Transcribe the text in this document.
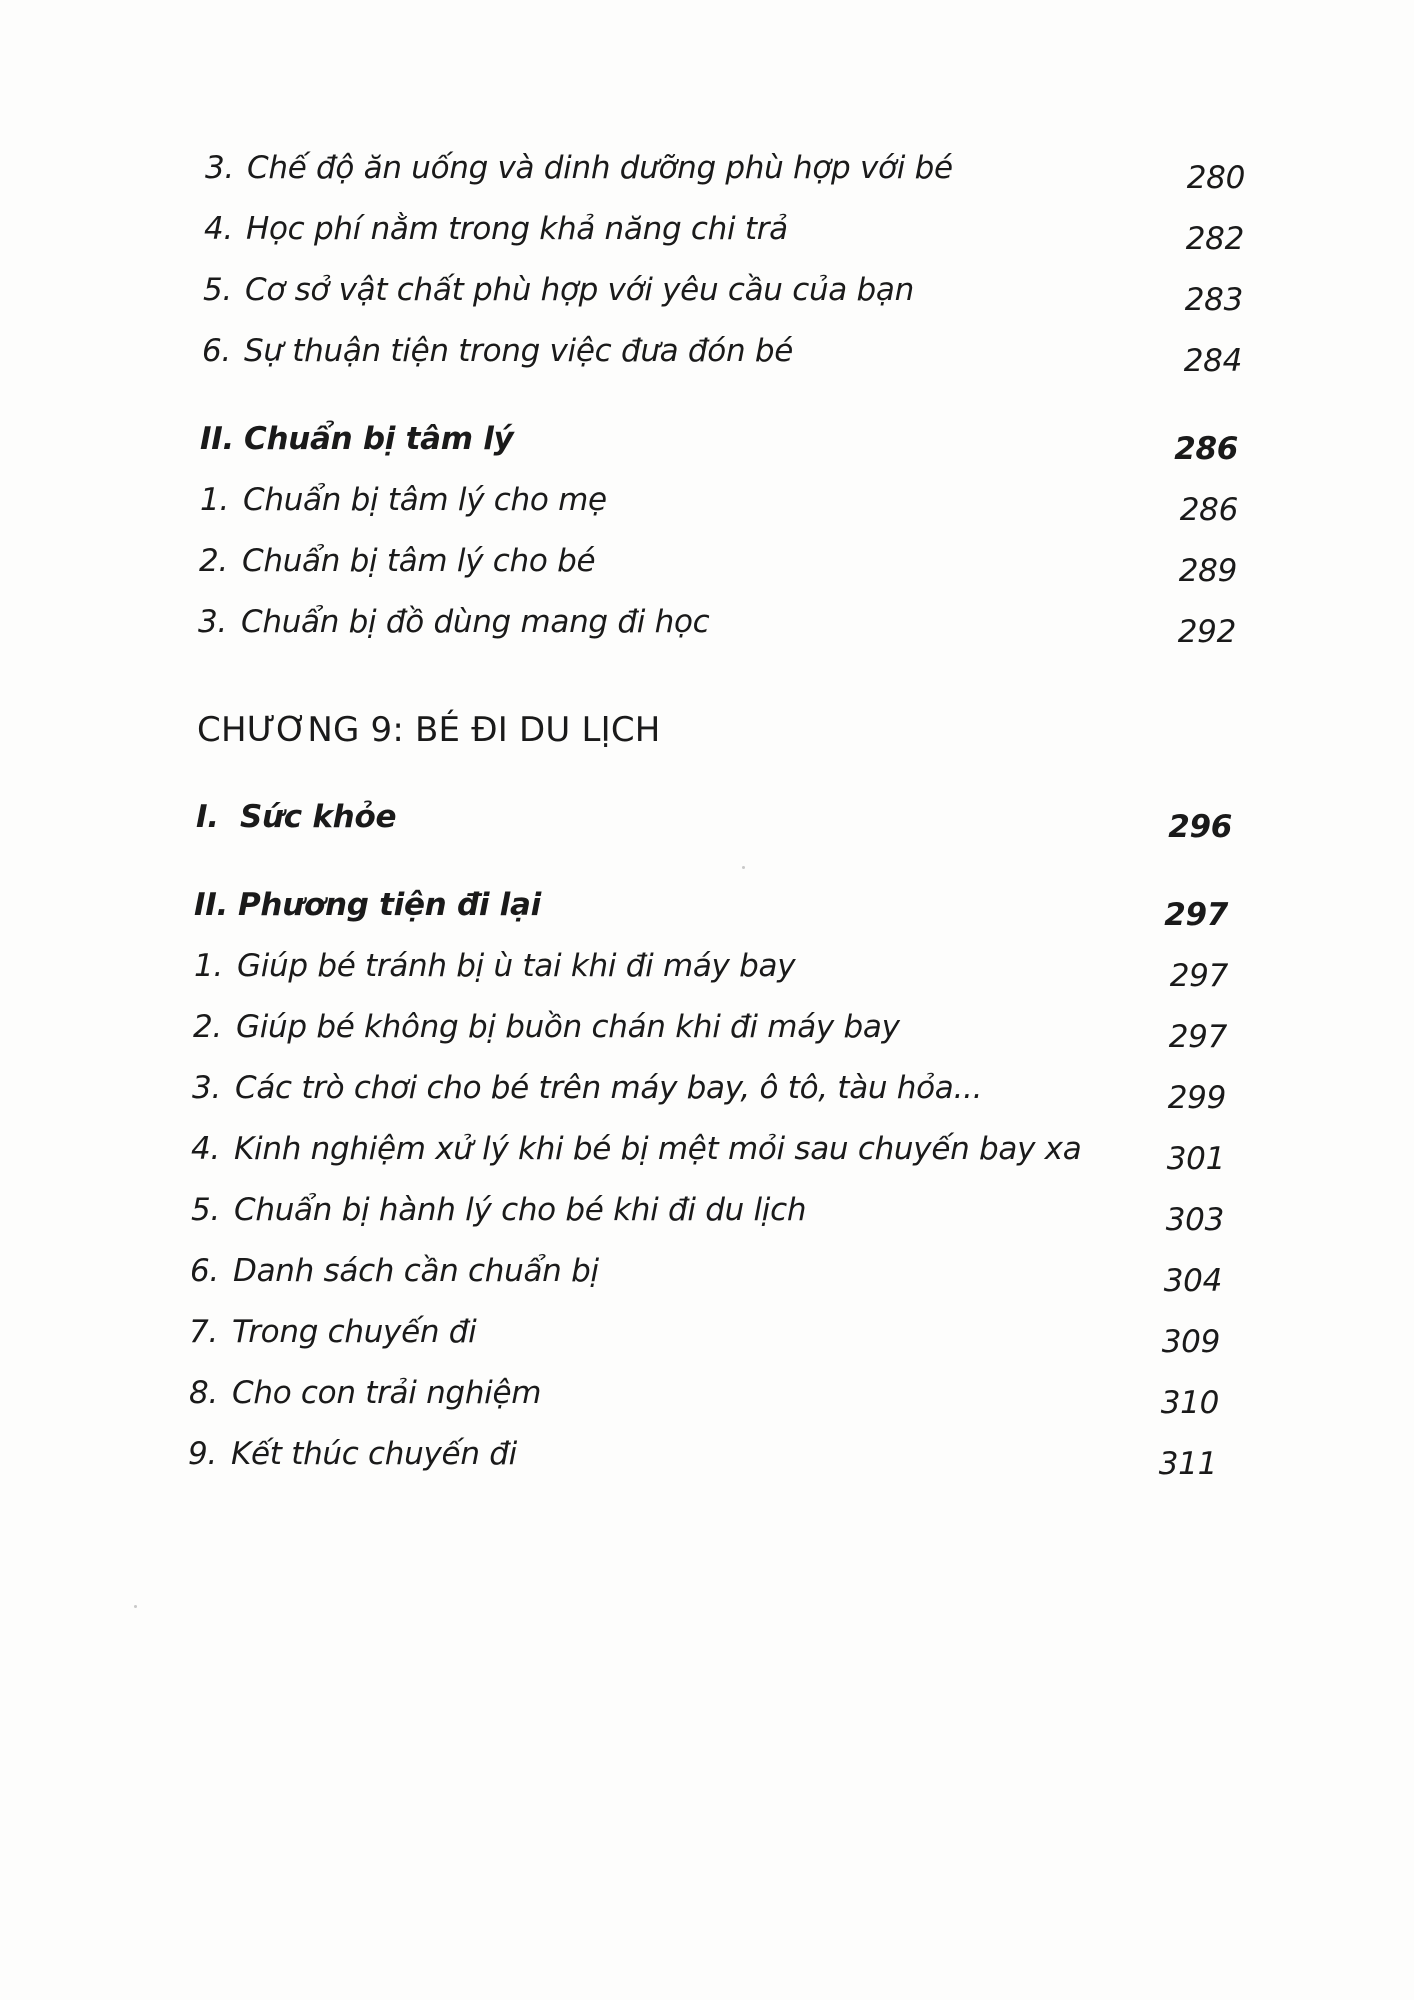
3. Chế độ ăn uống và dinh dưỡng phù hợp với bé	280
4. Học phí nằm trong khả năng chi trả	282
5. Cơ sở vật chất phù hợp với yêu cầu của bạn	283
6. Sự thuận tiện trong việc đưa đón bé	284
II. Chuẩn bị tâm lý	286
1. Chuẩn bị tâm lý cho mẹ	286
2. Chuẩn bị tâm lý cho bé	289
3. Chuẩn bị đồ dùng mang đi học	292
CHƯƠNG 9: BÉ ĐI DU LỊCH
I. Sức khỏe	296
II. Phương tiện đi lại	297
1. Giúp bé tránh bị ù tai khi đi máy bay	297
2. Giúp bé không bị buồn chán khi đi máy bay	297
3. Các trò chơi cho bé trên máy bay, ô tô, tàu hỏa...	299
4. Kinh nghiệm xử lý khi bé bị mệt mỏi sau chuyến bay xa	301
5. Chuẩn bị hành lý cho bé khi đi du lịch	303
6. Danh sách cần chuẩn bị	304
7. Trong chuyến đi	309
8. Cho con trải nghiệm	310
9. Kết thúc chuyến đi	311
